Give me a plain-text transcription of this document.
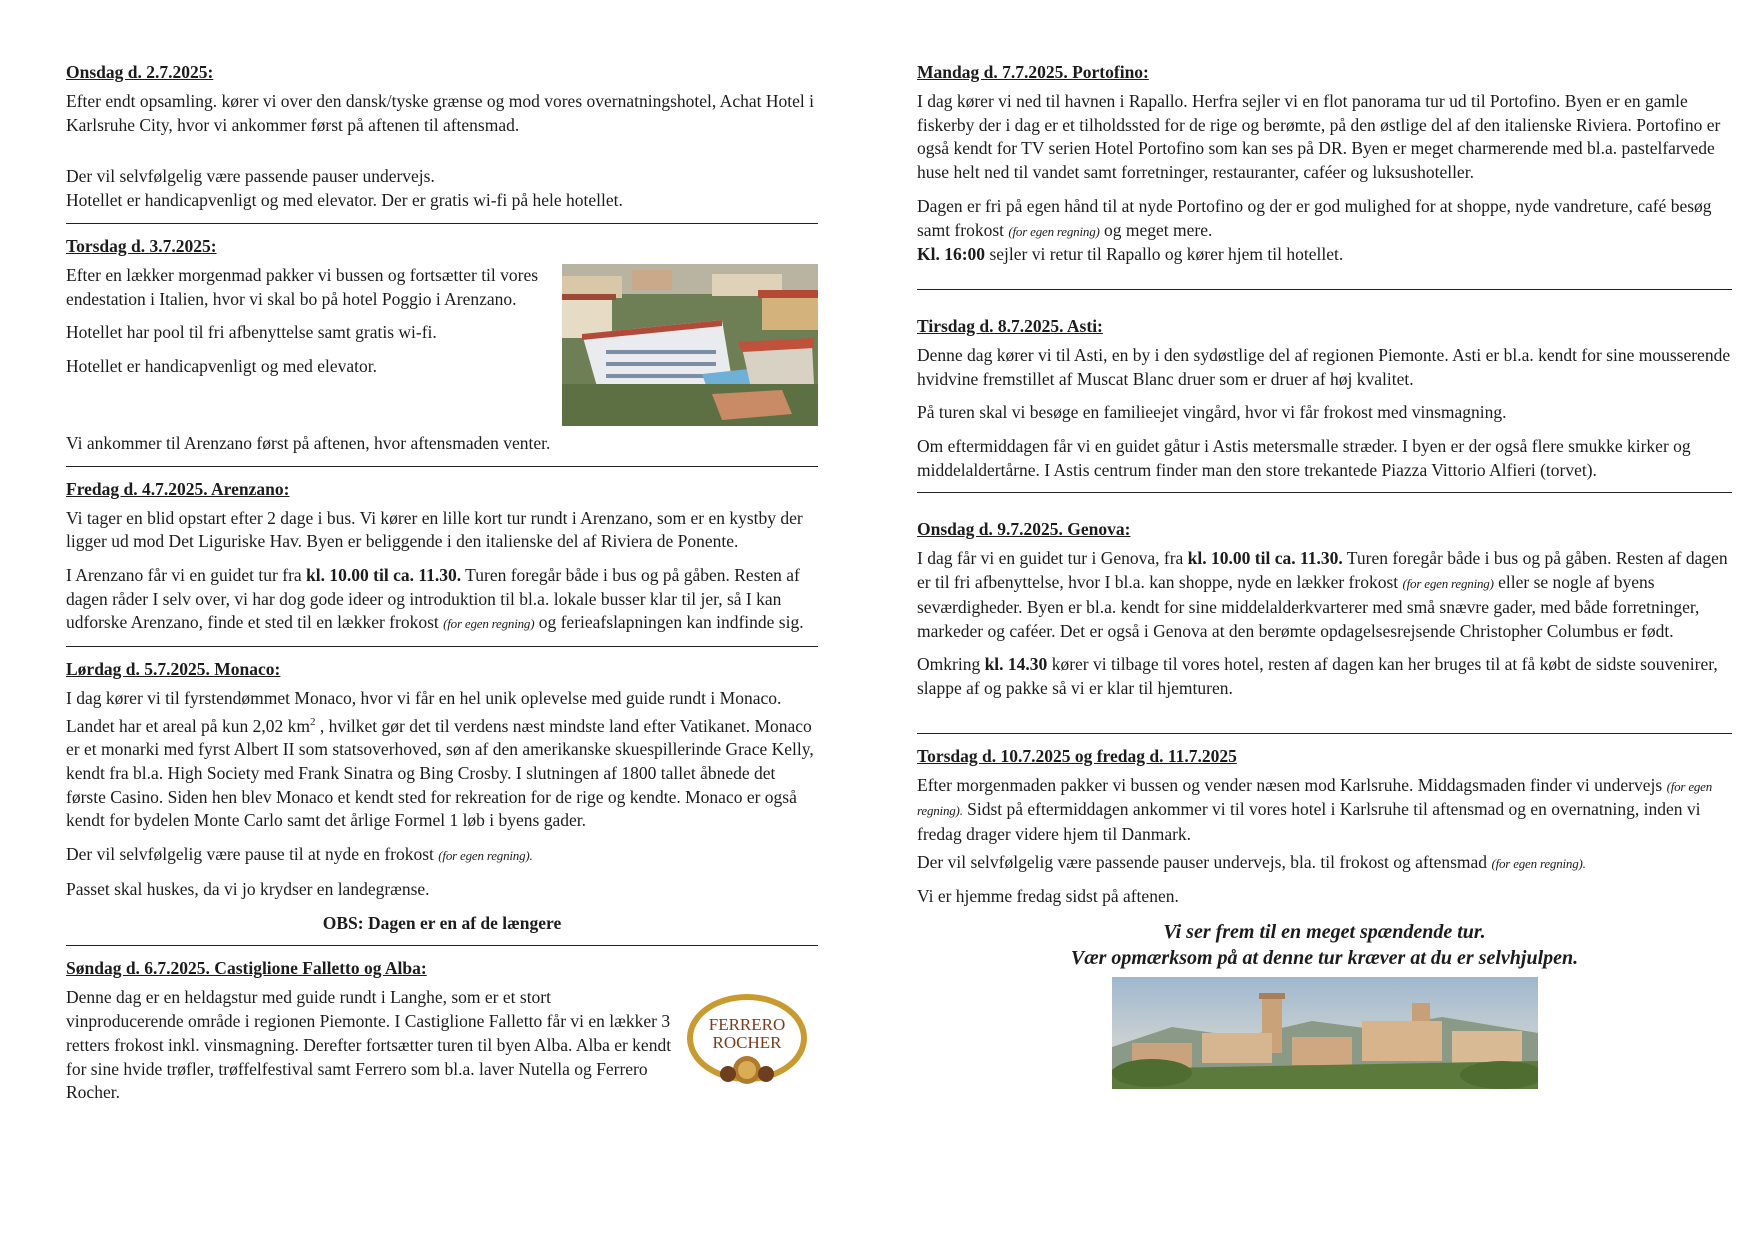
Onsdag d. 2.7.2025:

Efter endt opsamling. kører vi over den dansk/tyske grænse og mod vores overnatningshotel, Achat Hotel i Karlsruhe City, hvor vi ankommer først på aftenen til aftensmad.

Der vil selvfølgelig være passende pauser undervejs.

Hotellet er handicapvenligt og med elevator. Der er gratis wi-fi på hele hotellet.

Torsdag d. 3.7.2025:

Efter en lækker morgenmad pakker vi bussen og fortsætter til vores endestation i Italien, hvor vi skal bo på hotel Poggio i Arenzano.

Hotellet har pool til fri afbenyttelse samt gratis wi-fi.

Hotellet er handicapvenligt og med elevator.

Vi ankommer til Arenzano først på aftenen, hvor aftensmaden venter.

Fredag d. 4.7.2025. Arenzano:

Vi tager en blid opstart efter 2 dage i bus. Vi kører en lille kort tur rundt i Arenzano, som er en kystby der ligger ud mod Det Liguriske Hav. Byen er beliggende i den italienske del af Riviera de Ponente.

I Arenzano får vi en guidet tur fra kl. 10.00 til ca. 11.30. Turen foregår både i bus og på gåben. Resten af dagen råder I selv over, vi har dog gode ideer og introduktion til bl.a. lokale busser klar til jer, så I kan udforske Arenzano, finde et sted til en lækker frokost (for egen regning) og ferieafslapningen kan indfinde sig.

Lørdag d. 5.7.2025. Monaco:

I dag kører vi til fyrstendømmet Monaco, hvor vi får en hel unik oplevelse med guide rundt i Monaco. Landet har et areal på kun 2,02 $km^2$ , hvilket gør det til verdens næst mindste land efter Vatikanet. Monaco er et monarki med fyrst Albert II som statsoverhoved, søn af den amerikanske skuespillerinde Grace Kelly, kendt fra bl.a. High Society med Frank Sinatra og Bing Crosby. I slutningen af 1800 tallet åbnede det første Casino. Siden hen blev Monaco et kendt sted for rekreation for de rige og kendte. Monaco er også kendt for bydelen Monte Carlo samt det årlige Formel 1 løb i byens gader.

Der vil selvfølgelig være pause til at nyde en frokost (for egen regning).

Passet skal huskes, da vi jo krydser en landegrænse.

OBS: Dagen er en af de længere

Søndag d. 6.7.2025. Castiglione Falletto og Alba:
FERRERO
ROCHER

Denne dag er en heldagstur med guide rundt i Langhe, som er et stort vinproducerende område i regionen Piemonte. I Castiglione Falletto får vi en lækker 3 retters frokost inkl. vinsmagning. Derefter fortsætter turen til byen Alba. Alba er kendt for sine hvide trøfler, trøffelfestival samt Ferrero som bl.a. laver Nutella og Ferrero Rocher.

Mandag d. 7.7.2025. Portofino:

I dag kører vi ned til havnen i Rapallo. Herfra sejler vi en flot panorama tur ud til Portofino. Byen er en gamle fiskerby der i dag er et tilholdssted for de rige og berømte, på den østlige del af den italienske Riviera. Portofino er også kendt for TV serien Hotel Portofino som kan ses på DR. Byen er meget charmerende med bl.a. pastelfarvede huse helt ned til vandet samt forretninger, restauranter, caféer og luksushoteller.

Dagen er fri på egen hånd til at nyde Portofino og der er god mulighed for at shoppe, nyde vandreture, café besøg samt frokost (for egen regning) og meget mere.

Kl. 16:00 sejler vi retur til Rapallo og kører hjem til hotellet.

Tirsdag d. 8.7.2025. Asti:

Denne dag kører vi til Asti, en by i den sydøstlige del af regionen Piemonte. Asti er bl.a. kendt for sine mousserende hvidvine fremstillet af Muscat Blanc druer som er druer af høj kvalitet.

På turen skal vi besøge en familieejet vingård, hvor vi får frokost med vinsmagning.

Om eftermiddagen får vi en guidet gåtur i Astis metersmalle stræder. I byen er der også flere smukke kirker og middelaldertårne. I Astis centrum finder man den store trekantede Piazza Vittorio Alfieri (torvet).

Onsdag d. 9.7.2025. Genova:

I dag får vi en guidet tur i Genova, fra kl. 10.00 til ca. 11.30. Turen foregår både i bus og på gåben. Resten af dagen er til fri afbenyttelse, hvor I bl.a. kan shoppe, nyde en lækker frokost (for egen regning) eller se nogle af byens seværdigheder. Byen er bl.a. kendt for sine middelalderkvarterer med små snævre gader, med både forretninger, markeder og caféer. Det er også i Genova at den berømte opdagelsesrejsende Christopher Columbus er født.

Omkring kl. 14.30 kører vi tilbage til vores hotel, resten af dagen kan her bruges til at få købt de sidste souvenirer, slappe af og pakke så vi er klar til hjemturen.

Torsdag d. 10.7.2025 og fredag d. 11.7.2025

Efter morgenmaden pakker vi bussen og vender næsen mod Karlsruhe. Middagsmaden finder vi undervejs (for egen regning). Sidst på eftermiddagen ankommer vi til vores hotel i Karlsruhe til aftensmad og en overnatning, inden vi fredag drager videre hjem til Danmark.

Der vil selvfølgelig være passende pauser undervejs, bla. til frokost og aftensmad (for egen regning).

Vi er hjemme fredag sidst på aftenen.

Vi ser frem til en meget spændende tur.
Vær opmærksom på at denne tur kræver at du er selvhjulpen.
